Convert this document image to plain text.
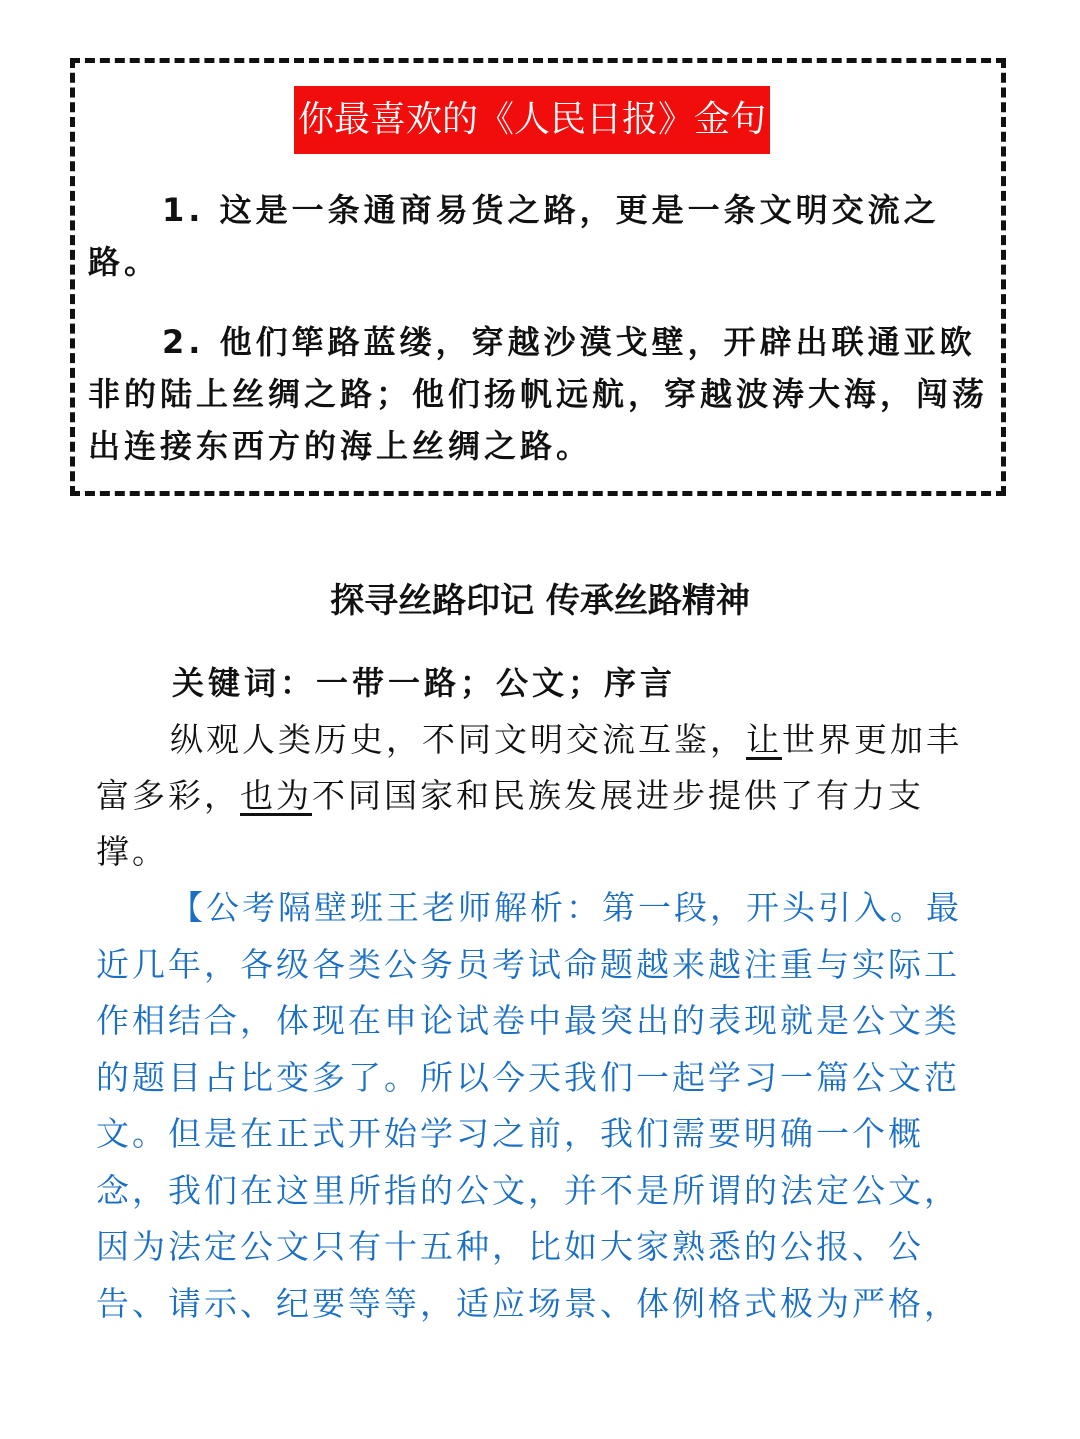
你最喜欢的《人民日报》金句

1. 这是一条通商易货之路，更是一条文明交流之路。

2. 他们筚路蓝缕，穿越沙漠戈壁，开辟出联通亚欧非的陆上丝绸之路；他们扬帆远航，穿越波涛大海，闯荡出连接东西方的海上丝绸之路。

探寻丝路印记 传承丝路精神

关键词：一带一路；公文；序言

纵观人类历史，不同文明交流互鉴，让世界更加丰富多彩，也为不同国家和民族发展进步提供了有力支撑。

【公考隔壁班王老师解析：第一段，开头引入。最近几年，各级各类公务员考试命题越来越注重与实际工作相结合，体现在申论试卷中最突出的表现就是公文类的题目占比变多了。所以今天我们一起学习一篇公文范文。但是在正式开始学习之前，我们需要明确一个概念，我们在这里所指的公文，并不是所谓的法定公文，因为法定公文只有十五种，比如大家熟悉的公报、公告、请示、纪要等等，适应场景、体例格式极为严格，
